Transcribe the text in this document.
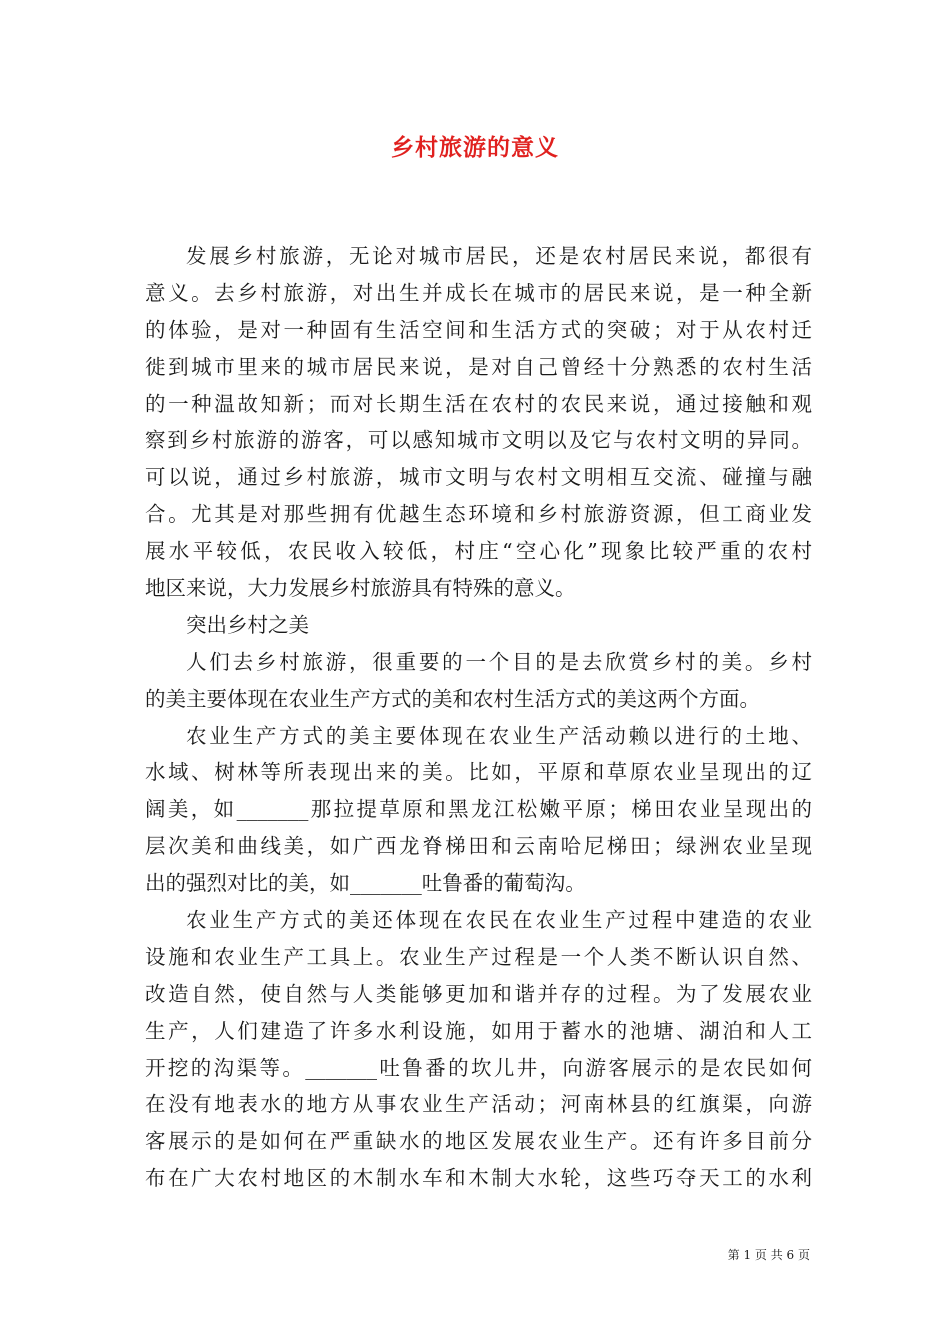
乡村旅游的意义
发展乡村旅游，无论对城市居民，还是农村居民来说，都很有
意义。去乡村旅游，对出生并成长在城市的居民来说，是一种全新
的体验，是对一种固有生活空间和生活方式的突破；对于从农村迁
徙到城市里来的城市居民来说，是对自己曾经十分熟悉的农村生活
的一种温故知新；而对长期生活在农村的农民来说，通过接触和观
察到乡村旅游的游客，可以感知城市文明以及它与农村文明的异同。
可以说，通过乡村旅游，城市文明与农村文明相互交流、碰撞与融
合。尤其是对那些拥有优越生态环境和乡村旅游资源，但工商业发
展水平较低，农民收入较低，村庄“空心化”现象比较严重的农村
地区来说，大力发展乡村旅游具有特殊的意义。
突出乡村之美
人们去乡村旅游，很重要的一个目的是去欣赏乡村的美。乡村
的美主要体现在农业生产方式的美和农村生活方式的美这两个方面。
农业生产方式的美主要体现在农业生产活动赖以进行的土地、
水域、树林等所表现出来的美。比如，平原和草原农业呈现出的辽
阔美，如_______那拉提草原和黑龙江松嫩平原；梯田农业呈现出的
层次美和曲线美，如广西龙脊梯田和云南哈尼梯田；绿洲农业呈现
出的强烈对比的美，如_______吐鲁番的葡萄沟。
农业生产方式的美还体现在农民在农业生产过程中建造的农业
设施和农业生产工具上。农业生产过程是一个人类不断认识自然、
改造自然，使自然与人类能够更加和谐并存的过程。为了发展农业
生产，人们建造了许多水利设施，如用于蓄水的池塘、湖泊和人工
开挖的沟渠等。_______吐鲁番的坎儿井，向游客展示的是农民如何
在没有地表水的地方从事农业生产活动；河南林县的红旗渠，向游
客展示的是如何在严重缺水的地区发展农业生产。还有许多目前分
布在广大农村地区的木制水车和木制大水轮，这些巧夺天工的水利
第 1 页 共 6 页
